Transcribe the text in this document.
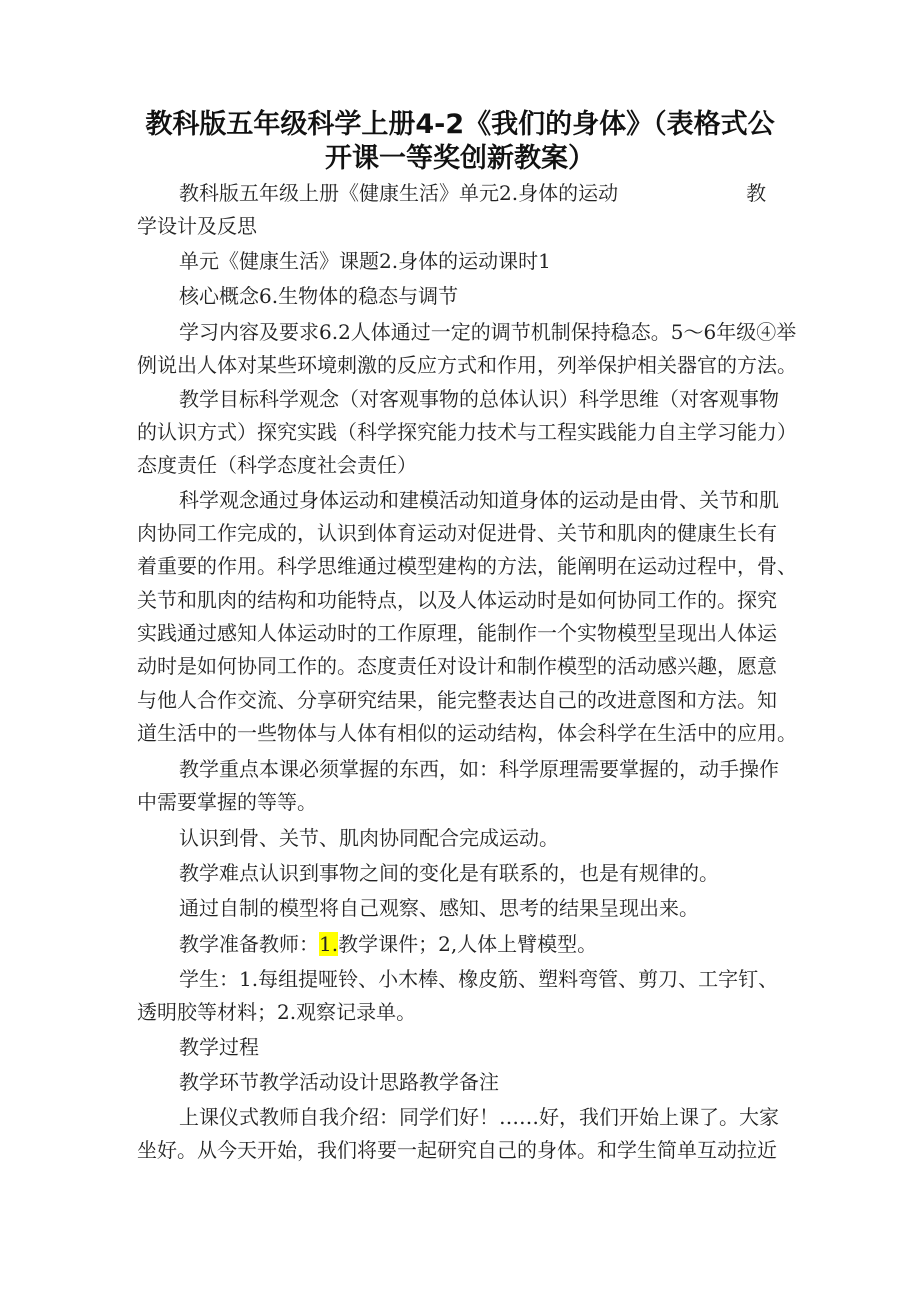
教科版五年级科学上册4-2《我们的身体》（表格式公
开课一等奖创新教案）
教科版五年级上册《健康生活》单元2.身体的运动	教
学设计及反思
单元《健康生活》课题2.身体的运动课时1
核心概念6.生物体的稳态与调节
学习内容及要求6.2人体通过一定的调节机制保持稳态。5～6年级④举
例说出人体对某些环境刺激的反应方式和作用，列举保护相关器官的方法。
教学目标科学观念（对客观事物的总体认识）科学思维（对客观事物
的认识方式）探究实践（科学探究能力技术与工程实践能力自主学习能力）
态度责任（科学态度社会责任）
科学观念通过身体运动和建模活动知道身体的运动是由骨、关节和肌
肉协同工作完成的，认识到体育运动对促进骨、关节和肌肉的健康生长有
着重要的作用。科学思维通过模型建构的方法，能阐明在运动过程中，骨、
关节和肌肉的结构和功能特点，以及人体运动时是如何协同工作的。探究
实践通过感知人体运动时的工作原理，能制作一个实物模型呈现出人体运
动时是如何协同工作的。态度责任对设计和制作模型的活动感兴趣，愿意
与他人合作交流、分享研究结果，能完整表达自己的改进意图和方法。知
道生活中的一些物体与人体有相似的运动结构，体会科学在生活中的应用。
教学重点本课必须掌握的东西，如：科学原理需要掌握的，动手操作
中需要掌握的等等。
认识到骨、关节、肌肉协同配合完成运动。
教学难点认识到事物之间的变化是有联系的，也是有规律的。
通过自制的模型将自己观察、感知、思考的结果呈现出来。
教学准备教师：1.教学课件；2,人体上臂模型。
学生：1.每组提哑铃、小木棒、橡皮筋、塑料弯管、剪刀、工字钉、
透明胶等材料；2.观察记录单。
教学过程
教学环节教学活动设计思路教学备注
上课仪式教师自我介绍：同学们好！……好，我们开始上课了。大家
坐好。从今天开始，我们将要一起研究自己的身体。和学生简单互动拉近
